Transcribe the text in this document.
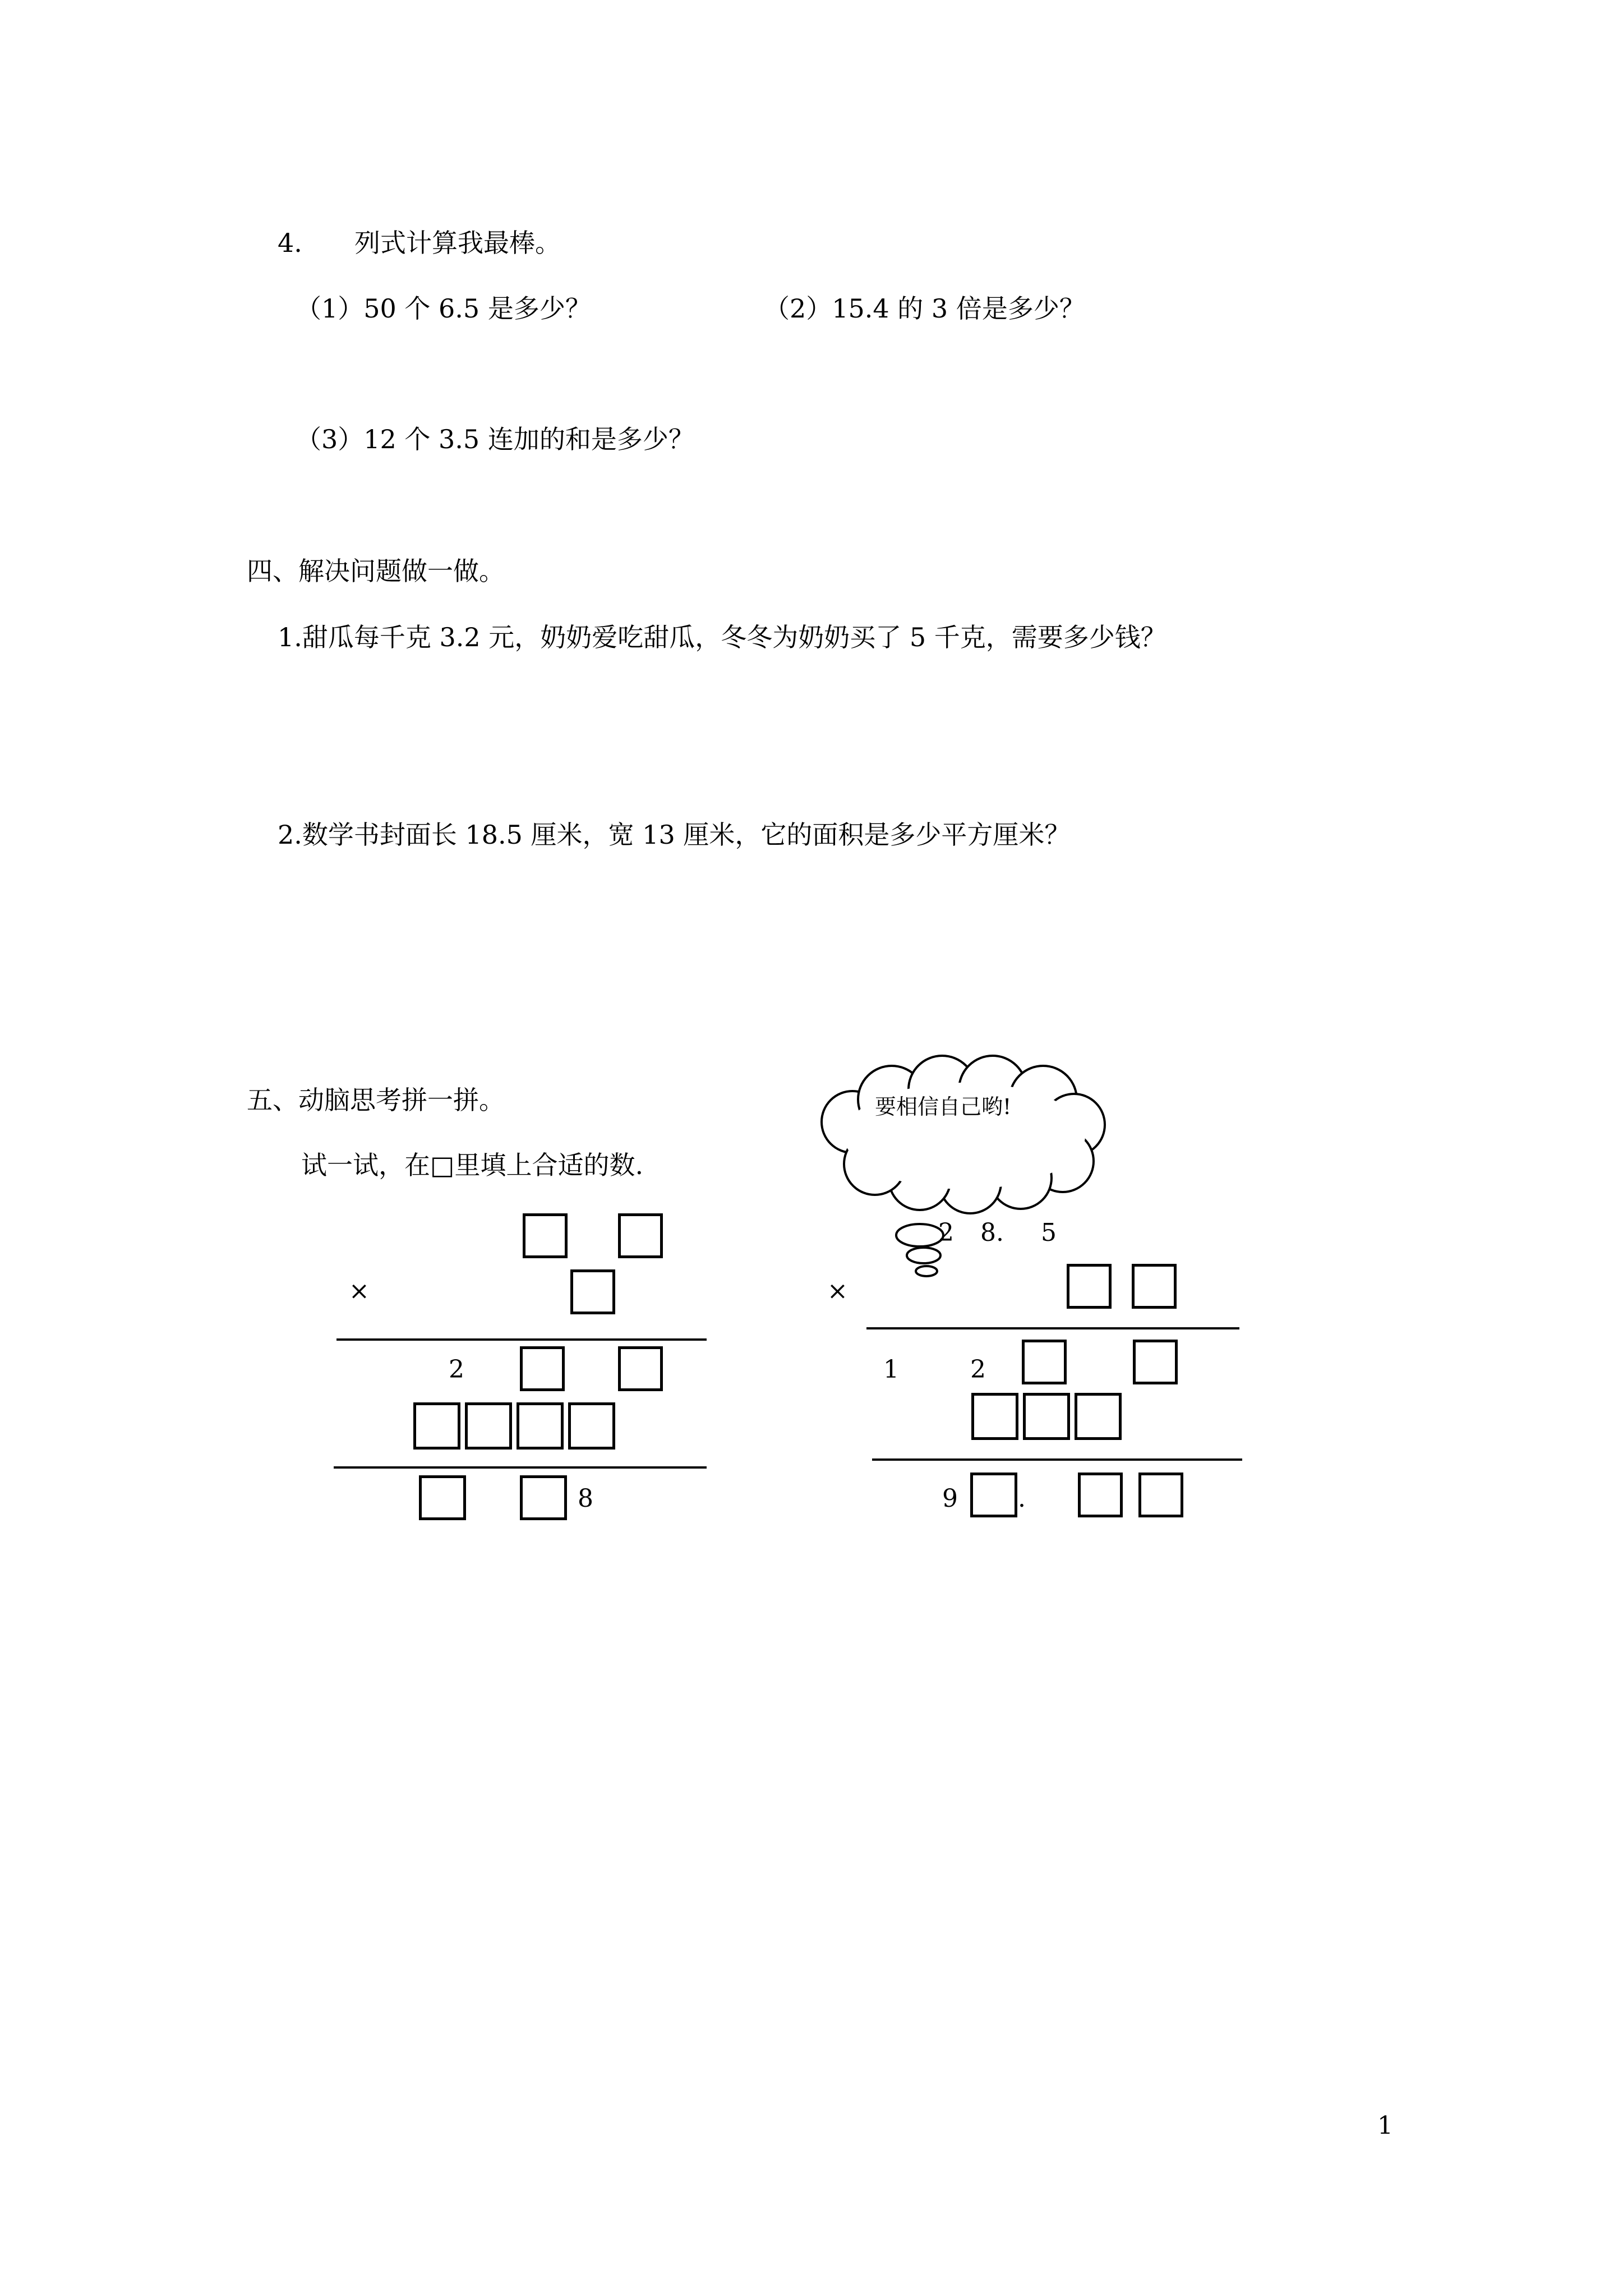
4. 列式计算我最棒。
（1）50 个 6.5 是多少？	（2）15.4 的 3 倍是多少？
（3）12 个 3.5 连加的和是多少？
四、解决问题做一做。
1.甜瓜每千克 3.2 元，奶奶爱吃甜瓜，冬冬为奶奶买了 5 千克，需要多少钱？
2.数学书封面长 18.5 厘米，宽 13 厘米，它的面积是多少平方厘米？
五、动脑思考拼一拼。
试一试，在□里填上合适的数.
要相信自己哟!
×
2
8
2 8. 5
×
1	2
9 .
1
